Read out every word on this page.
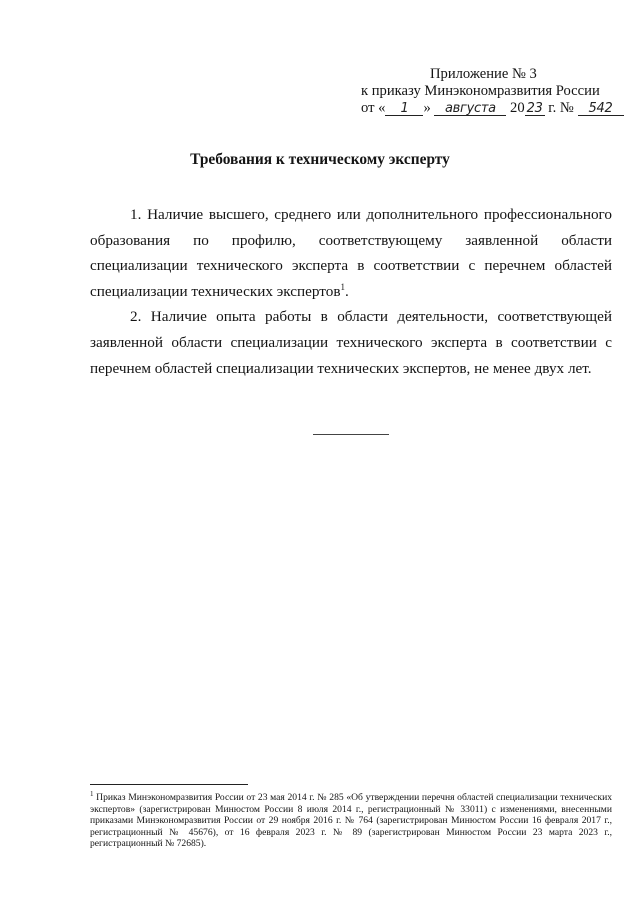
Приложение № 3
к приказу Минэкономразвития России
от « 1 » августа 20 23 г. № 542
Требования к техническому эксперту

1. Наличие высшего, среднего или дополнительного профессионального образования по профилю, соответствующему заявленной области специализации технического эксперта в соответствии с перечнем областей специализации технических экспертов$^1$.

2. Наличие опыта работы в области деятельности, соответствующей заявленной области специализации технического эксперта в соответствии с перечнем областей специализации технических экспертов, не менее двух лет.

$^1$ Приказ Минэкономразвития России от 23 мая 2014 г. № 285 «Об утверждении перечня областей специализации технических экспертов» (зарегистрирован Минюстом России 8 июля 2014 г., регистрационный № 33011) с изменениями, внесенными приказами Минэкономразвития России от 29 ноября 2016 г. № 764 (зарегистрирован Минюстом России 16 февраля 2017 г., регистрационный № 45676), от 16 февраля 2023 г. № 89 (зарегистрирован Минюстом России 23 марта 2023 г., регистрационный № 72685).
